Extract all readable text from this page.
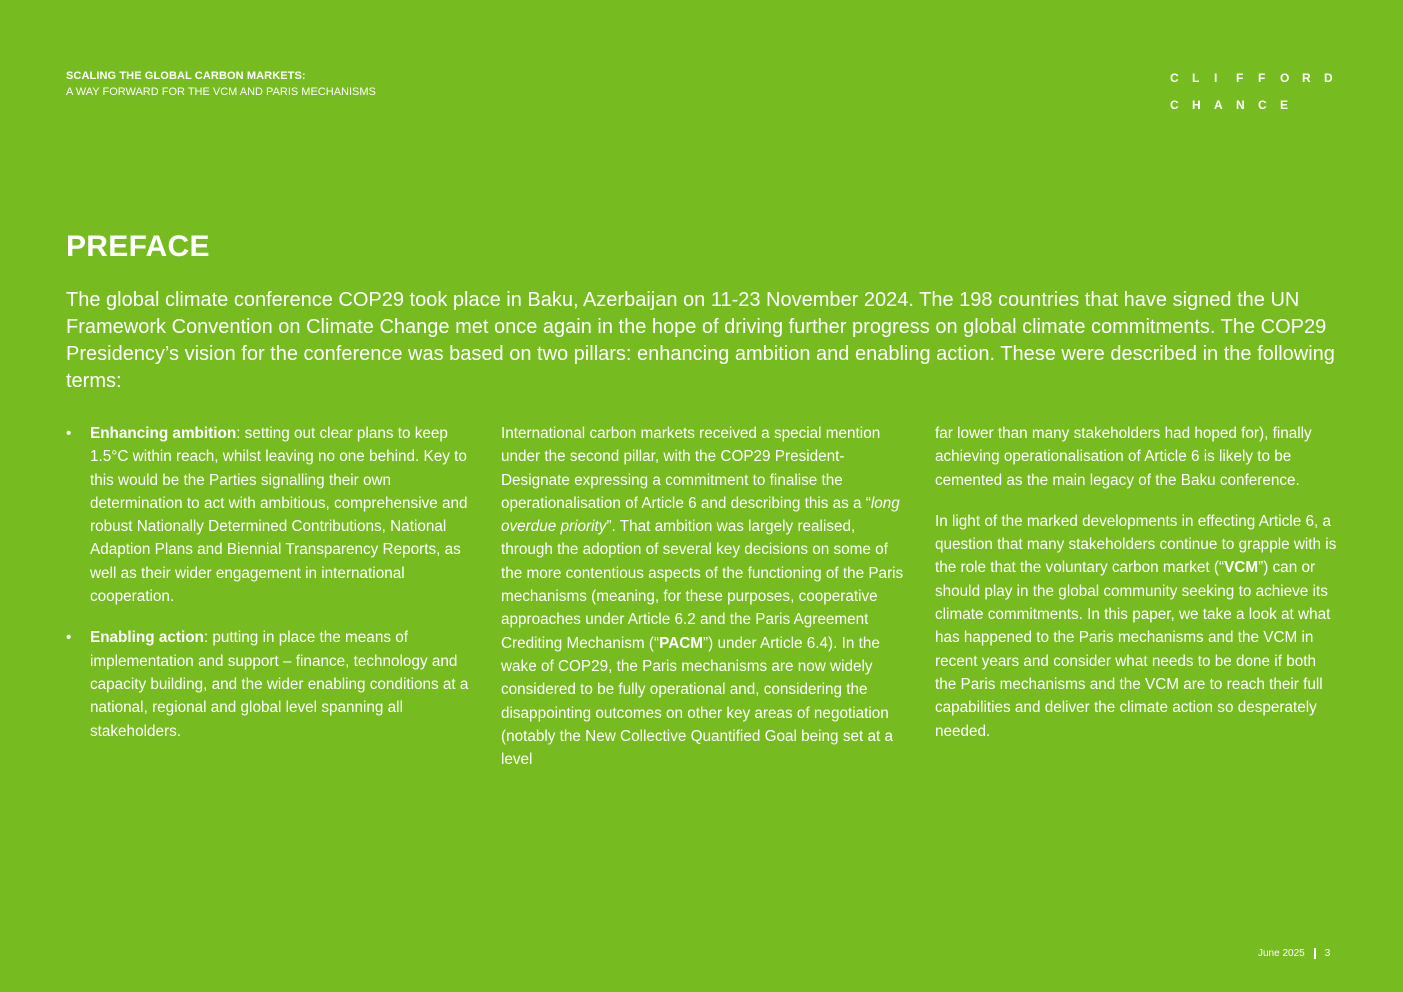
SCALING THE GLOBAL CARBON MARKETS:
A WAY FORWARD FOR THE VCM AND PARIS MECHANISMS
C	L	I	F	F	O	R	D
C	H	A	N	C	E
PREFACE

The global climate conference COP29 took place in Baku, Azerbaijan on 11-23 November 2024. The 198 countries that have signed the UN Framework Convention on Climate Change met once again in the hope of driving further progress on global climate commitments. The COP29 Presidency’s vision for the conference was based on two pillars: enhancing ambition and enabling action. These were described in the following terms:

• Enhancing ambition: setting out clear plans to keep 1.5°C within reach, whilst leaving no one behind. Key to this would be the Parties signalling their own determination to act with ambitious, comprehensive and robust Nationally Determined Contributions, National Adaption Plans and Biennial Transparency Reports, as well as their wider engagement in international cooperation.
• Enabling action: putting in place the means of implementation and support – finance, technology and capacity building, and the wider enabling conditions at a national, regional and global level spanning all stakeholders.

International carbon markets received a special mention under the second pillar, with the COP29 President-Designate expressing a commitment to finalise the operationalisation of Article 6 and describing this as a “long overdue priority”. That ambition was largely realised, through the adoption of several key decisions on some of the more contentious aspects of the functioning of the Paris mechanisms (meaning, for these purposes, cooperative approaches under Article 6.2 and the Paris Agreement Crediting Mechanism (“PACM”) under Article 6.4). In the wake of COP29, the Paris mechanisms are now widely considered to be fully operational and, considering the disappointing outcomes on other key areas of negotiation (notably the New Collective Quantified Goal being set at a level

far lower than many stakeholders had hoped for), finally achieving operationalisation of Article 6 is likely to be cemented as the main legacy of the Baku conference.

In light of the marked developments in effecting Article 6, a question that many stakeholders continue to grapple with is the role that the voluntary carbon market (“VCM”) can or should play in the global community seeking to achieve its climate commitments. In this paper, we take a look at what has happened to the Paris mechanisms and the VCM in recent years and consider what needs to be done if both the Paris mechanisms and the VCM are to reach their full capabilities and deliver the climate action so desperately needed.

June 2025 3
